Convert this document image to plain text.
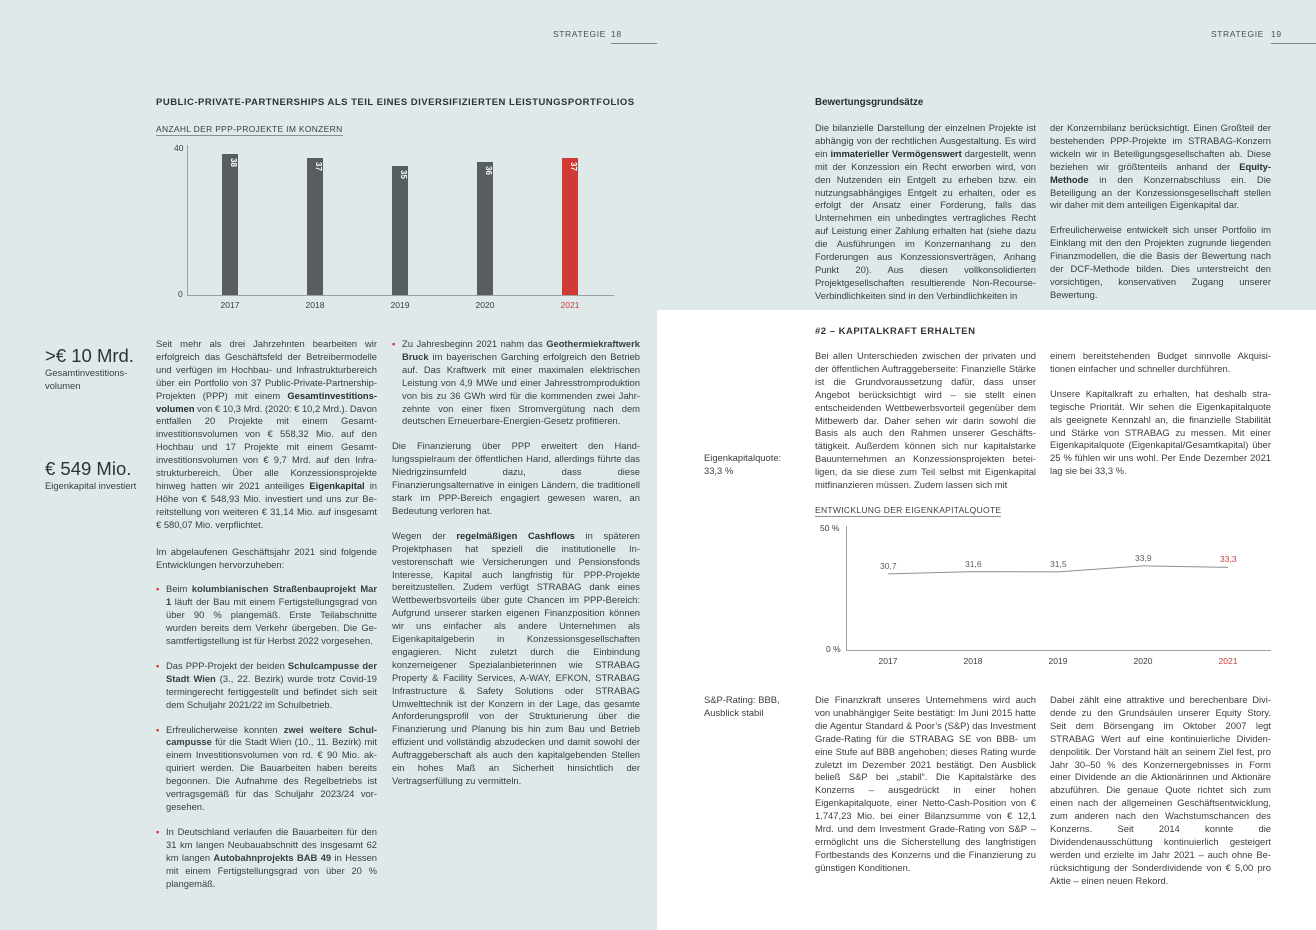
STRATEGIE 18	STRATEGIE 19
PUBLIC-PRIVATE-PARTNERSHIPS ALS TEIL EINES DIVERSIFIZIERTEN LEISTUNGSPORTFOLIOS
ANZAHL DER PPP-PROJEKTE IM KONZERN
40
0
38
2017
37
2018
35
2019
36
2020
37
2021
>€ 10 Mrd.
Gesamtinvestitions-
volumen
€ 549 Mio.
Eigenkapital investiert

Seit mehr als drei Jahrzehnten bearbeiten wir erfolgreich das Geschäftsfeld der Betreibermodelle und verfügen im Hochbau- und Infrastrukturbereich über ein Portfolio von 37 Public-Private-Partnership-Projekten (PPP) mit einem Gesamtinvestitionsvolumen von € 10,3 Mrd. (2020: € 10,2 Mrd.). Davon entfallen 20 Projekte mit einem Gesamtinvestitionsvolumen von € 558,32 Mio. auf den Hochbau und 17 Projekte mit einem Gesamtinvestitionsvolumen von € 9,7 Mrd. auf den Infrastrukturbereich. Über alle Konzessionsprojekte hinweg hatten wir 2021 anteiliges Eigenkapital in Höhe von € 548,93 Mio. investiert und uns zur Bereitstellung von weiteren € 31,14 Mio. auf insgesamt € 580,07 Mio. verpflichtet.

Im abgelaufenen Geschäftsjahr 2021 sind folgende Entwicklungen hervorzuheben:

• Beim kolumbianischen Straßenbauprojekt Mar 1 läuft der Bau mit einem Fertigstellungsgrad von über 90 % plangemäß. Erste Teilabschnitte wurden bereits dem Verkehr übergeben. Die Gesamtfertigstellung ist für Herbst 2022 vorgesehen.
• Das PPP-Projekt der beiden Schulcampusse der Stadt Wien (3., 22. Bezirk) wurde trotz Covid-19 termingerecht fertiggestellt und befindet sich seit dem Schuljahr 2021/22 im Schulbetrieb.
• Erfreulicherweise konnten zwei weitere Schulcampusse für die Stadt Wien (10., 11. Bezirk) mit einem Investitionsvolumen von rd. € 90 Mio. akquiriert werden. Die Bauarbeiten haben bereits begonnen. Die Aufnahme des Regelbetriebs ist vertragsgemäß für das Schuljahr 2023/24 vorgesehen.
• In Deutschland verlaufen die Bauarbeiten für den 31 km langen Neubauabschnitt des insgesamt 62 km langen Autobahnprojekts BAB 49 in Hessen mit einem Fertigstellungsgrad von über 20 % plangemäß.
• Zu Jahresbeginn 2021 nahm das Geothermiekraftwerk Bruck im bayerischen Garching erfolgreich den Betrieb auf. Das Kraftwerk mit einer maximalen elektrischen Leistung von 4,9 MWe und einer Jahresstromproduktion von bis zu 36 GWh wird für die kommenden zwei Jahrzehnte von einer fixen Stromvergütung nach dem deutschen Erneuerbare-Energien-Gesetz profitieren.

Die Finanzierung über PPP erweitert den Handlungsspielraum der öffentlichen Hand, allerdings führte das Niedrigzinsumfeld dazu, dass diese Finanzierungsalternative in einigen Ländern, die traditionell stark im PPP-Bereich engagiert gewesen waren, an Bedeutung verloren hat.

Wegen der regelmäßigen Cashflows in späteren Projektphasen hat speziell die institutionelle Investorenschaft wie Versicherungen und Pensionsfonds Interesse, Kapital auch langfristig für PPP-Projekte bereitzustellen. Zudem verfügt STRABAG dank eines Wettbewerbsvorteils über gute Chancen im PPP-Bereich: Aufgrund unserer starken eigenen Finanzposition können wir uns einfacher als andere Unternehmen als Eigenkapitalgeberin in Konzessionsgesellschaften engagieren. Nicht zuletzt durch die Einbindung konzerneigener Spezialanbieterinnen wie STRABAG Property & Facility Services, A-WAY, EFKON, STRABAG Infrastructure & Safety Solutions oder STRABAG Umwelttechnik ist der Konzern in der Lage, das gesamte Anforderungsprofil von der Strukturierung über die Finanzierung und Planung bis hin zum Bau und Betrieb effizient und vollständig abzudecken und damit sowohl der Auftraggeberschaft als auch den kapitalgebenden Stellen ein hohes Maß an Sicherheit hinsichtlich der Vertragserfüllung zu vermitteln.

Bewertungsgrundsätze

Die bilanzielle Darstellung der einzelnen Projekte ist abhängig von der rechtlichen Ausgestaltung. Es wird ein immaterieller Vermögenswert dargestellt, wenn mit der Konzession ein Recht erworben wird, von den Nutzenden ein Entgelt zu erheben bzw. ein nutzungsabhängiges Entgelt zu erhalten, oder es erfolgt der Ansatz einer Forderung, falls das Unternehmen ein unbedingtes vertragliches Recht auf Leistung einer Zahlung erhalten hat (siehe dazu die Ausführungen im Konzernanhang zu den Forderungen aus Konzessionsverträgen, Anhang Punkt 20). Aus diesen vollkonsolidierten Projektgesellschaften resultierende Non-Recourse-Verbindlichkeiten sind in den Verbindlichkeiten in

der Konzernbilanz berücksichtigt. Einen Großteil der bestehenden PPP-Projekte im STRABAG-Konzern wickeln wir in Beteiligungsgesellschaften ab. Diese beziehen wir größtenteils anhand der Equity-Methode in den Konzernabschluss ein. Die Beteiligung an der Konzessionsgesellschaft stellen wir daher mit dem anteiligen Eigenkapital dar.

Erfreulicherweise entwickelt sich unser Portfolio im Einklang mit den den Projekten zugrunde liegenden Finanzmodellen, die die Basis der Bewertung nach der DCF-Methode bilden. Dies unterstreicht den vorsichtigen, konservativen Zugang unserer Bewertung.

#2 – KAPITALKRAFT ERHALTEN
Eigenkapitalquote:
33,3 %

Bei allen Unterschieden zwischen der privaten und der öffentlichen Auftraggeberseite: Finanzielle Stärke ist die Grundvoraussetzung dafür, dass unser Angebot berücksichtigt wird – sie stellt einen entscheidenden Wettbewerbsvorteil gegenüber dem Mitbewerb dar. Daher sehen wir darin sowohl die Basis als auch den Rahmen unserer Geschäftstätigkeit. Außerdem können sich nur kapitalstarke Bauunternehmen an Konzessionsprojekten beteiligen, da sie diese zum Teil selbst mit Eigenkapital mitfinanzieren müssen. Zudem lassen sich mit

einem bereitstehenden Budget sinnvolle Akquisitionen einfacher und schneller durchführen.

Unsere Kapitalkraft zu erhalten, hat deshalb strategische Priorität. Wir sehen die Eigenkapitalquote als geeignete Kennzahl an, die finanzielle Stabilität und Stärke von STRABAG zu messen. Mit einer Eigenkapitalquote (Eigenkapital/Gesamtkapital) über 25 % fühlen wir uns wohl. Per Ende Dezember 2021 lag sie bei 33,3 %.

ENTWICKLUNG DER EIGENKAPITALQUOTE
50 %
0 %
30,7
2017
31,6
2018
31,5
2019
33,9
2020
33,3
2021
S&P-Rating: BBB,
Ausblick stabil

Die Finanzkraft unseres Unternehmens wird auch von unabhängiger Seite bestätigt: Im Juni 2015 hatte die Agentur Standard & Poor’s (S&P) das Investment Grade-Rating für die STRABAG SE von BBB- um eine Stufe auf BBB angehoben; dieses Rating wurde zuletzt im Dezember 2021 bestätigt. Den Ausblick beließ S&P bei „stabil“. Die Kapitalstärke des Konzerns – ausgedrückt in einer hohen Eigenkapitalquote, einer Netto-Cash-Position von € 1.747,23 Mio. bei einer Bilanzsumme von € 12,1 Mrd. und dem Investment Grade-Rating von S&P – ermöglicht uns die Sicherstellung des langfristigen Fortbestands des Konzerns und die Finanzierung zu günstigen Konditionen.

Dabei zählt eine attraktive und berechenbare Dividende zu den Grundsäulen unserer Equity Story. Seit dem Börsengang im Oktober 2007 legt STRABAG Wert auf eine kontinuierliche Dividendenpolitik. Der Vorstand hält an seinem Ziel fest, pro Jahr 30–50 % des Konzernergebnisses in Form einer Dividende an die Aktionärinnen und Aktionäre abzuführen. Die genaue Quote richtet sich zum einen nach der allgemeinen Geschäftsentwicklung, zum anderen nach den Wachstumschancen des Konzerns. Seit 2014 konnte die Dividendenausschüttung kontinuierlich gesteigert werden und erzielte im Jahr 2021 – auch ohne Berücksichtigung der Sonderdividende von € 5,00 pro Aktie – einen neuen Rekord.
